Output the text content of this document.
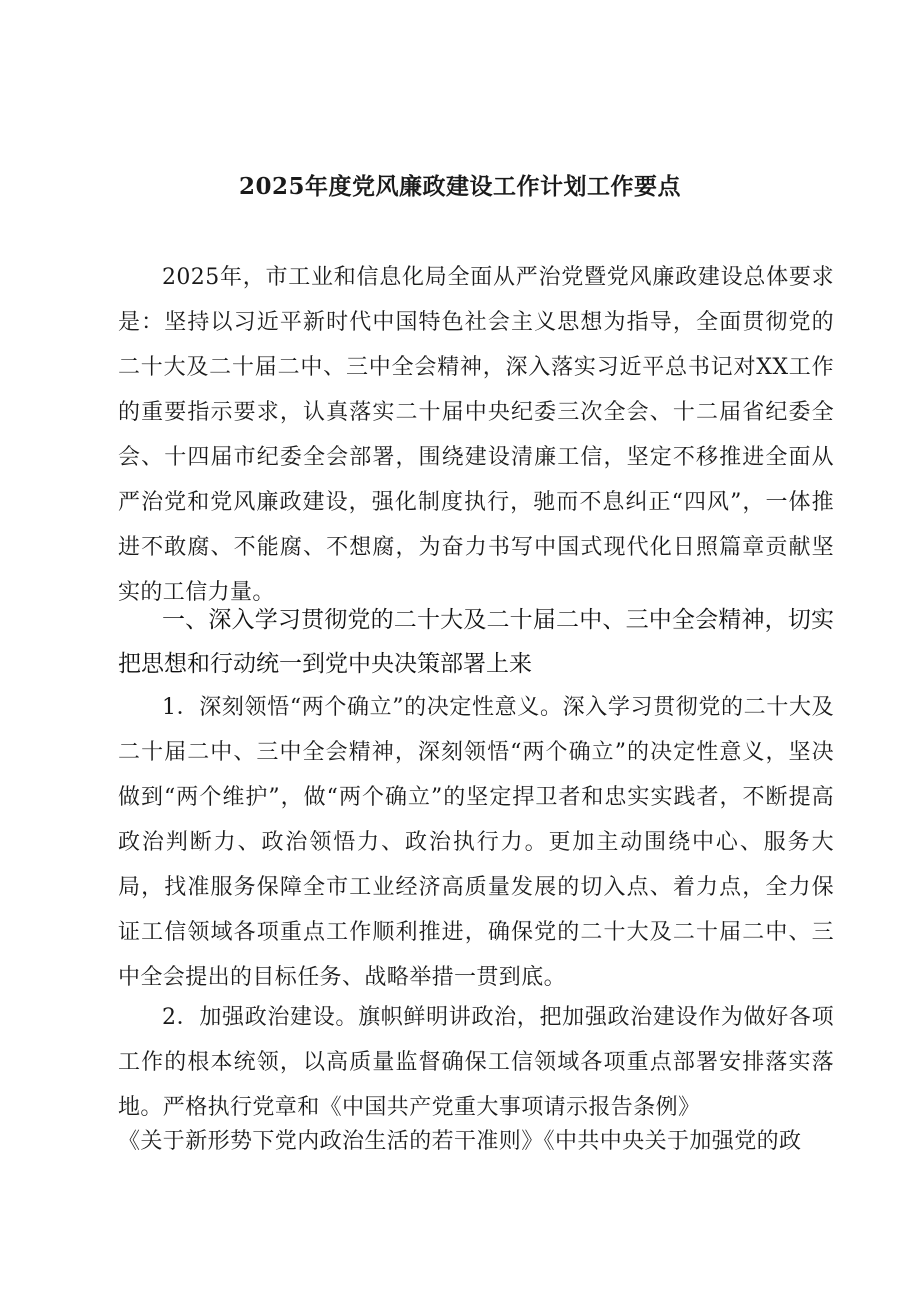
2025年度党风廉政建设工作计划工作要点

2025年，市工业和信息化局全面从严治党暨党风廉政建设总体要求是：坚持以习近平新时代中国特色社会主义思想为指导，全面贯彻党的二十大及二十届二中、三中全会精神，深入落实习近平总书记对XX工作的重要指示要求，认真落实二十届中央纪委三次全会、十二届省纪委全会、十四届市纪委全会部署，围绕建设清廉工信，坚定不移推进全面从严治党和党风廉政建设，强化制度执行，驰而不息纠正“四风”，一体推进不敢腐、不能腐、不想腐，为奋力书写中国式现代化日照篇章贡献坚实的工信力量。

一、深入学习贯彻党的二十大及二十届二中、三中全会精神，切实把思想和行动统一到党中央决策部署上来

1．深刻领悟“两个确立”的决定性意义。深入学习贯彻党的二十大及二十届二中、三中全会精神，深刻领悟“两个确立”的决定性意义，坚决做到“两个维护”，做“两个确立”的坚定捍卫者和忠实实践者，不断提高政治判断力、政治领悟力、政治执行力。更加主动围绕中心、服务大局，找准服务保障全市工业经济高质量发展的切入点、着力点，全力保证工信领域各项重点工作顺利推进，确保党的二十大及二十届二中、三中全会提出的目标任务、战略举措一贯到底。

2．加强政治建设。旗帜鲜明讲政治，把加强政治建设作为做好各项工作的根本统领，以高质量监督确保工信领域各项重点部署安排落实落地。严格执行党章和《中国共产党重大事项请示报告条例》

《关于新形势下党内政治生活的若干准则》《中共中央关于加强党的政
